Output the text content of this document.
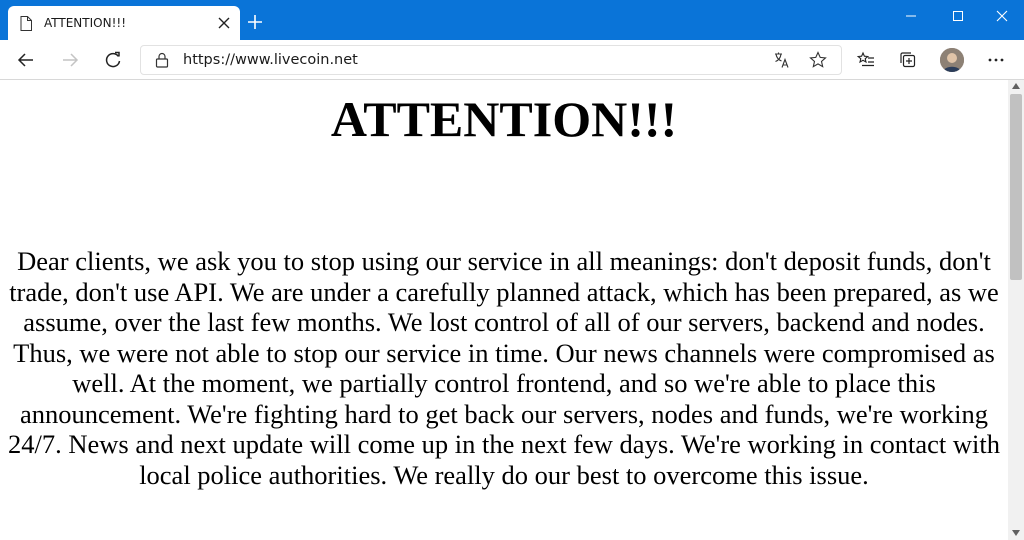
ATTENTION!!!
https://www.livecoin.net
ATTENTION!!!

Dear clients, we ask you to stop using our service in all meanings: don't deposit funds, don't trade, don't use API. We are under a carefully planned attack, which has been prepared, as we assume, over the last few months. We lost control of all of our servers, backend and nodes. Thus, we were not able to stop our service in time. Our news channels were compromised as well. At the moment, we partially control frontend, and so we're able to place this announcement. We're fighting hard to get back our servers, nodes and funds, we're working 24/7. News and next update will come up in the next few days. We're working in contact with local police authorities. We really do our best to overcome this issue.
